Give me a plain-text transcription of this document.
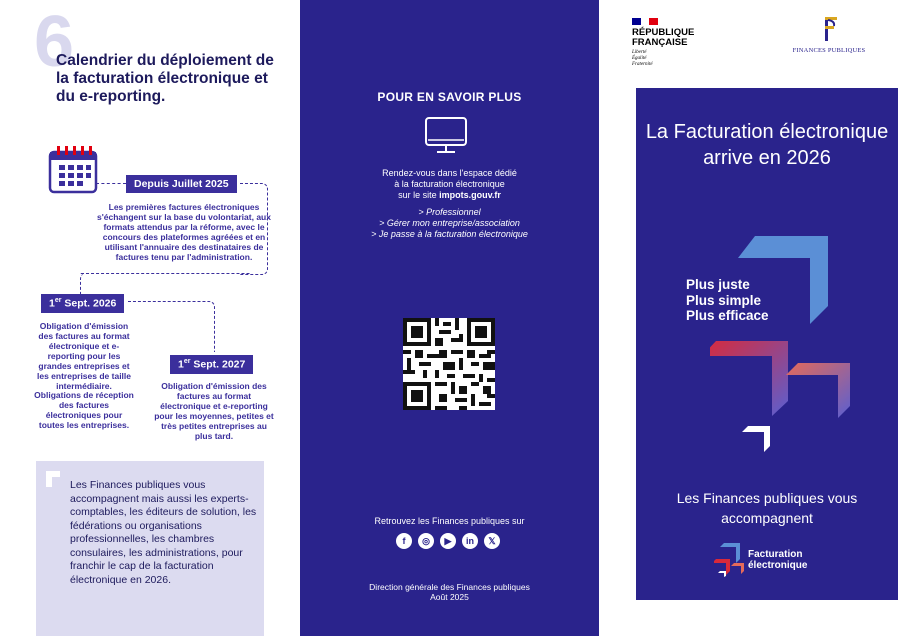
6
Calendrier du déploiement de la facturation électronique et du e-reporting.
Depuis Juillet 2025

Les premières factures électroniques s'échangent sur la base du volontariat, aux formats attendus par la réforme, avec le concours des plateformes agréées et en utilisant l'annuaire des destinataires de factures tenu par l'administration.

1er Sept. 2026

Obligation d'émission des factures au format électronique et e-reporting pour les grandes entreprises et les entreprises de taille intermédiaire.

Obligations de réception des factures électroniques pour toutes les entreprises.

1er Sept. 2027

Obligation d'émission des factures au format électronique et e-reporting pour les moyennes, petites et très petites entreprises au plus tard.

Les Finances publiques vous accompagnent mais aussi les experts-comptables, les éditeurs de solution, les fédérations ou organisations professionnelles, les chambres consulaires, les administrations, pour franchir le cap de la facturation électronique en 2026.

POUR EN SAVOIR PLUS

Rendez-vous dans l'espace dédié

à la facturation électronique

sur le site impots.gouv.fr

> Professionnel
> Gérer mon entreprise/association
> Je passe à la facturation électronique

Retrouvez les Finances publiques sur

f	◎	▶	in	𝕏

Direction générale des Finances publiques

Août 2025

RÉPUBLIQUE
FRANÇAISE
Liberté
Égalité
Fraternité
FINANCES PUBLIQUES
La Facturation électronique arrive en 2026
Plus juste
Plus simple
Plus efficace

Les Finances publiques vous accompagnent

Facturation
électronique
